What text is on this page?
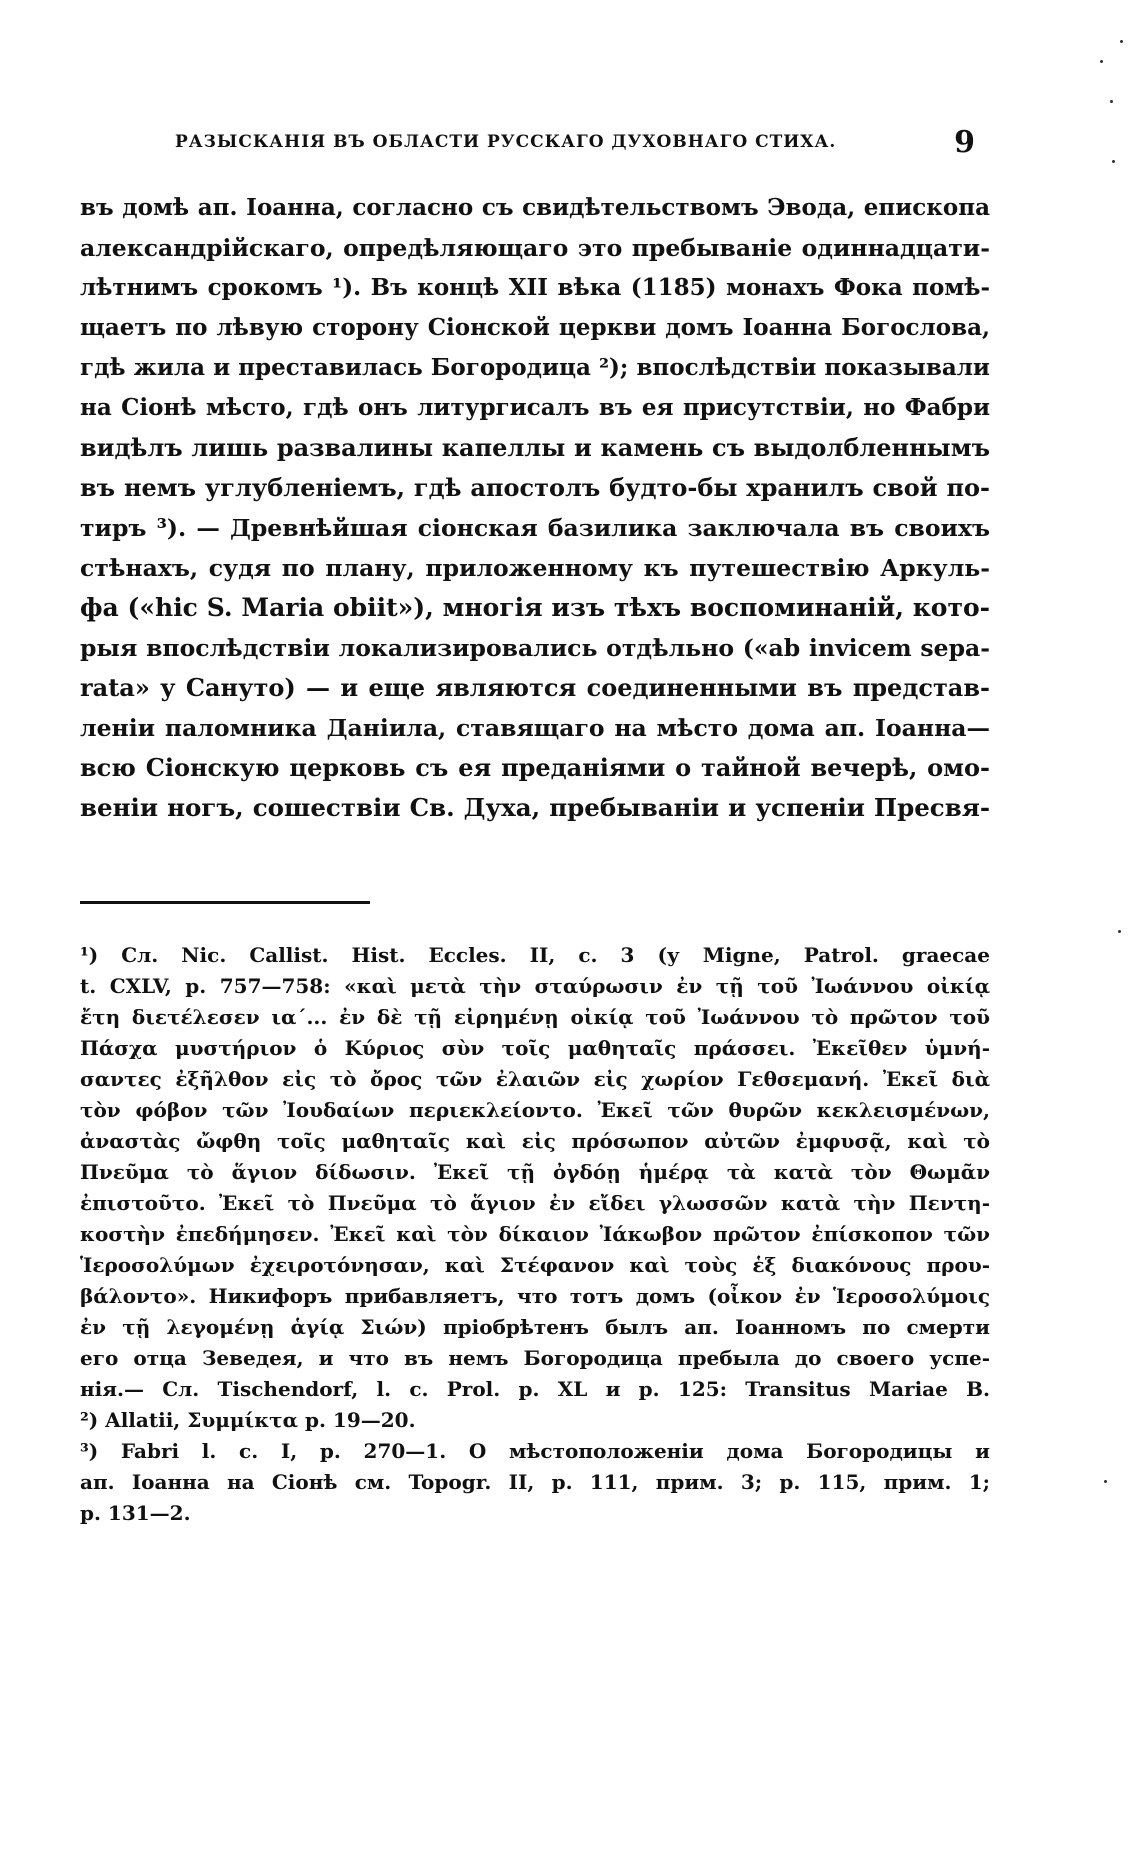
РАЗЫСКАНІЯ ВЪ ОБЛАСТИ РУССКАГО ДУХОВНАГО СТИХА.	9
въ домѣ ап. Іоанна, согласно съ свидѣтельствомъ Эвода, епископа
александрійскаго, опредѣляющаго это пребываніе одиннадцати-
лѣтнимъ срокомъ ¹). Въ концѣ XII вѣка (1185) монахъ Фока помѣ-
щаетъ по лѣвую сторону Сіонской церкви домъ Іоанна Богослова,
гдѣ жила и преставилась Богородица ²); впослѣдствіи показывали
на Сіонѣ мѣсто, гдѣ онъ литургисалъ въ ея присутствіи, но Фабри
видѣлъ лишь развалины капеллы и камень съ выдолбленнымъ
въ немъ углубленіемъ, гдѣ апостолъ будто-бы хранилъ свой по-
тиръ ³). — Древнѣйшая сіонская базилика заключала въ своихъ
стѣнахъ, судя по плану, приложенному къ путешествію Аркуль-
фа («hic S. Maria obiit»), многія изъ тѣхъ воспоминаній, кото-
рыя впослѣдствіи локализировались отдѣльно («ab invicem sepa-
rata» у Сануто) — и еще являются соединенными въ представ-
леніи паломника Даніила, ставящаго на мѣсто дома ап. Іоанна—
всю Сіонскую церковь съ ея преданіями о тайной вечерѣ, омо-
веніи ногъ, сошествіи Св. Духа, пребываніи и успеніи Пресвя-
¹) Cл. Nic. Callist. Hist. Eccles. II, c. 3 (у Migne, Patrol. graecae
t. CXLV, p. 757—758: «καὶ μετὰ τὴν σταύρωσιν ἐν τῇ τοῦ Ἰωάννου οἰκίᾳ
ἔτη διετέλεσεν ια΄... ἐν δὲ τῇ εἰρημένῃ οἰκίᾳ τοῦ Ἰωάννου τὸ πρῶτον τοῦ
Πάσχα μυστήριον ὁ Κύριος σὺν τοῖς μαθηταῖς πράσσει. Ἐκεῖθεν ὑμνή-
σαντες ἐξῆλθον εἰς τὸ ὄρος τῶν ἐλαιῶν εἰς χωρίον Γεθσεμανή. Ἐκεῖ διὰ
τὸν φόβον τῶν Ἰουδαίων περιεκλείοντο. Ἐκεῖ τῶν θυρῶν κεκλεισμένων,
ἀναστὰς ὤφθη τοῖς μαθηταῖς καὶ εἰς πρόσωπον αὐτῶν ἐμφυσᾷ, καὶ τὸ
Πνεῦμα τὸ ἅγιον δίδωσιν. Ἐκεῖ τῇ ὀγδόῃ ἡμέρᾳ τὰ κατὰ τὸν Θωμᾶν
ἐπιστοῦτο. Ἐκεῖ τὸ Πνεῦμα τὸ ἅγιον ἐν εἴδει γλωσσῶν κατὰ τὴν Πεντη-
κοστὴν ἐπεδήμησεν. Ἐκεῖ καὶ τὸν δίκαιον Ἰάκωβον πρῶτον ἐπίσκοπον τῶν
Ἱεροσολύμων ἐχειροτόνησαν, καὶ Στέφανον καὶ τοὺς ἑξ διακόνους πρου-
βάλοντο». Никифоръ прибавляетъ, что тотъ домъ (οἶκον ἐν Ἱεροσολύμοις
ἐν τῇ λεγομένῃ ἁγίᾳ Σιών) пріобрѣтенъ былъ ап. Іоанномъ по смерти
его отца Зеведея, и что въ немъ Богородица пребыла до своего успе-
нія.— Cл. Tischendorf, l. c. Prol. p. XL и p. 125: Transitus Mariae B.
²) Allatii, Συμμίκτα p. 19—20.
³) Fabri l. c. I, p. 270—1. О мѣстоположеніи дома Богородицы и
ап. Іоанна на Сіонѣ см. Topogr. II, p. 111, прим. 3; p. 115, прим. 1;
p. 131—2.
